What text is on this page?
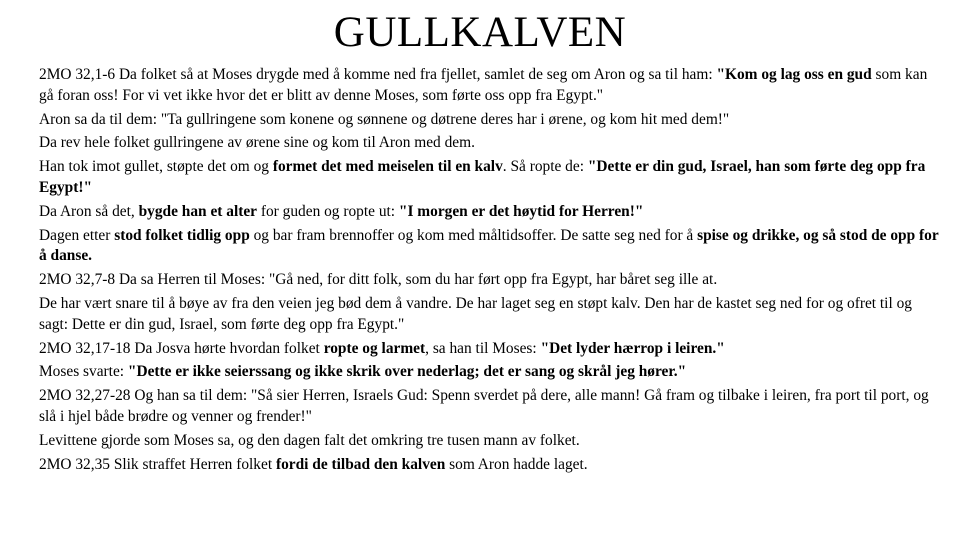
GULLKALVEN

2MO 32,1-6 Da folket så at Moses drygde med å komme ned fra fjellet, samlet de seg om Aron og sa til ham: "Kom og lag oss en gud som kan gå foran oss! For vi vet ikke hvor det er blitt av denne Moses, som førte oss opp fra Egypt."

Aron sa da til dem: "Ta gullringene som konene og sønnene og døtrene deres har i ørene, og kom hit med dem!"

Da rev hele folket gullringene av ørene sine og kom til Aron med dem.

Han tok imot gullet, støpte det om og formet det med meiselen til en kalv. Så ropte de: "Dette er din gud, Israel, han som førte deg opp fra Egypt!"

Da Aron så det, bygde han et alter for guden og ropte ut: "I morgen er det høytid for Herren!"

Dagen etter stod folket tidlig opp og bar fram brennoffer og kom med måltidsoffer. De satte seg ned for å spise og drikke, og så stod de opp for å danse.

2MO 32,7-8 Da sa Herren til Moses: "Gå ned, for ditt folk, som du har ført opp fra Egypt, har båret seg ille at.

De har vært snare til å bøye av fra den veien jeg bød dem å vandre. De har laget seg en støpt kalv. Den har de kastet seg ned for og ofret til og sagt: Dette er din gud, Israel, som førte deg opp fra Egypt."

2MO 32,17-18 Da Josva hørte hvordan folket ropte og larmet, sa han til Moses: "Det lyder hærrop i leiren."

Moses svarte: "Dette er ikke seierssang og ikke skrik over nederlag; det er sang og skrål jeg hører."

2MO 32,27-28 Og han sa til dem: "Så sier Herren, Israels Gud: Spenn sverdet på dere, alle mann! Gå fram og tilbake i leiren, fra port til port, og slå i hjel både brødre og venner og frender!"

Levittene gjorde som Moses sa, og den dagen falt det omkring tre tusen mann av folket.

2MO 32,35 Slik straffet Herren folket fordi de tilbad den kalven som Aron hadde laget.
